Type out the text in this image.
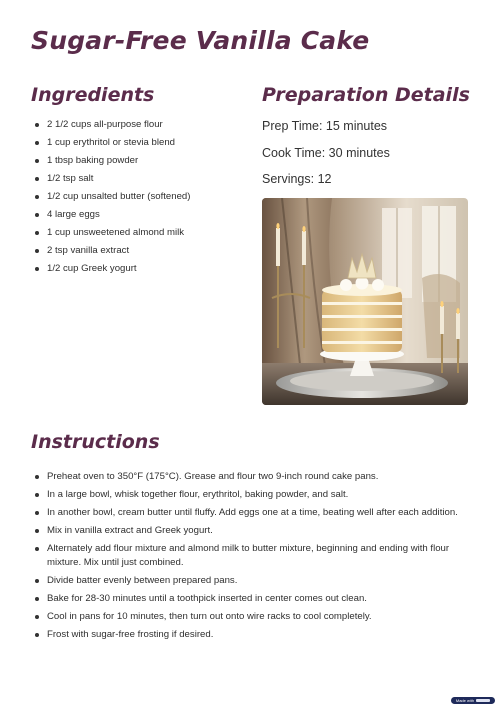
Sugar-Free Vanilla Cake
Ingredients
2 1/2 cups all-purpose flour
1 cup erythritol or stevia blend
1 tbsp baking powder
1/2 tsp salt
1/2 cup unsalted butter (softened)
4 large eggs
1 cup unsweetened almond milk
2 tsp vanilla extract
1/2 cup Greek yogurt
Preparation Details
Prep Time: 15 minutes
Cook Time: 30 minutes
Servings: 12
Instructions
Preheat oven to 350°F (175°C). Grease and flour two 9-inch round cake pans.
In a large bowl, whisk together flour, erythritol, baking powder, and salt.
In another bowl, cream butter until fluffy. Add eggs one at a time, beating well after each addition.
Mix in vanilla extract and Greek yogurt.
Alternately add flour mixture and almond milk to butter mixture, beginning and ending with flour mixture. Mix until just combined.
Divide batter evenly between prepared pans.
Bake for 28-30 minutes until a toothpick inserted in center comes out clean.
Cool in pans for 10 minutes, then turn out onto wire racks to cool completely.
Frost with sugar-free frosting if desired.
Made with
